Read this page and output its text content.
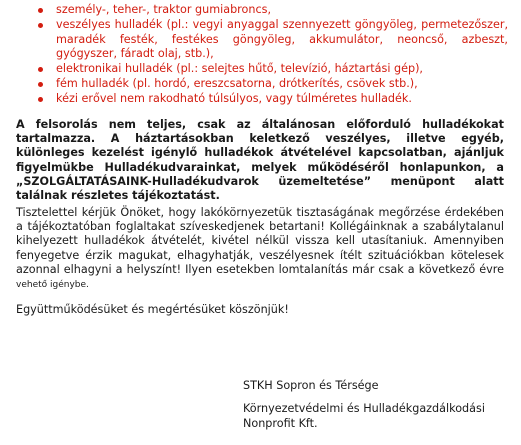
személy-, teher-, traktor gumiabroncs,
veszélyes hulladék (pl.: vegyi anyaggal szennyezett göngyöleg, permetezőszer, maradék festék, festékes göngyöleg, akkumulátor, neoncső, azbeszt, gyógyszer, fáradt olaj, stb.),
elektronikai hulladék (pl.: selejtes hűtő, televízió, háztartási gép),
fém hulladék (pl. hordó, ereszcsatorna, drótkerítés, csövek stb.),
kézi erővel nem rakodható túlsúlyos, vagy túlméretes hulladék.

A felsorolás nem teljes, csak az általánosan előforduló hulladékokat tartalmazza. A háztartásokban keletkező veszélyes, illetve egyéb, különleges kezelést igénylő hulladékok átvételével kapcsolatban, ajánljuk figyelmükbe Hulladékudvarainkat, melyek működéséről honlapunkon, a „SZOLGÁLTATÁSAINK-Hulladékudvarok üzemeltetése” menüpont alatt találnak részletes tájékoztatást.

Tisztelettel kérjük Önöket, hogy lakókörnyezetük tisztaságának megőrzése érdekében a tájékoztatóban foglaltakat szíveskedjenek betartani! Kollégáinknak a szabálytalanul kihelyezett hulladékok átvételét, kivétel nélkül vissza kell utasítaniuk. Amennyiben fenyegetve érzik magukat, elhagyhatják, veszélyesnek ítélt szituációkban kötelesek azonnal elhagyni a helyszínt! Ilyen esetekben lomtalanítás már csak a következő évre vehető igénybe.

Együttműködésüket és megértésüket köszönjük!

STKH Sopron és Térsége

Környezetvédelmi és Hulladékgazdálkodási

Nonprofit Kft.
